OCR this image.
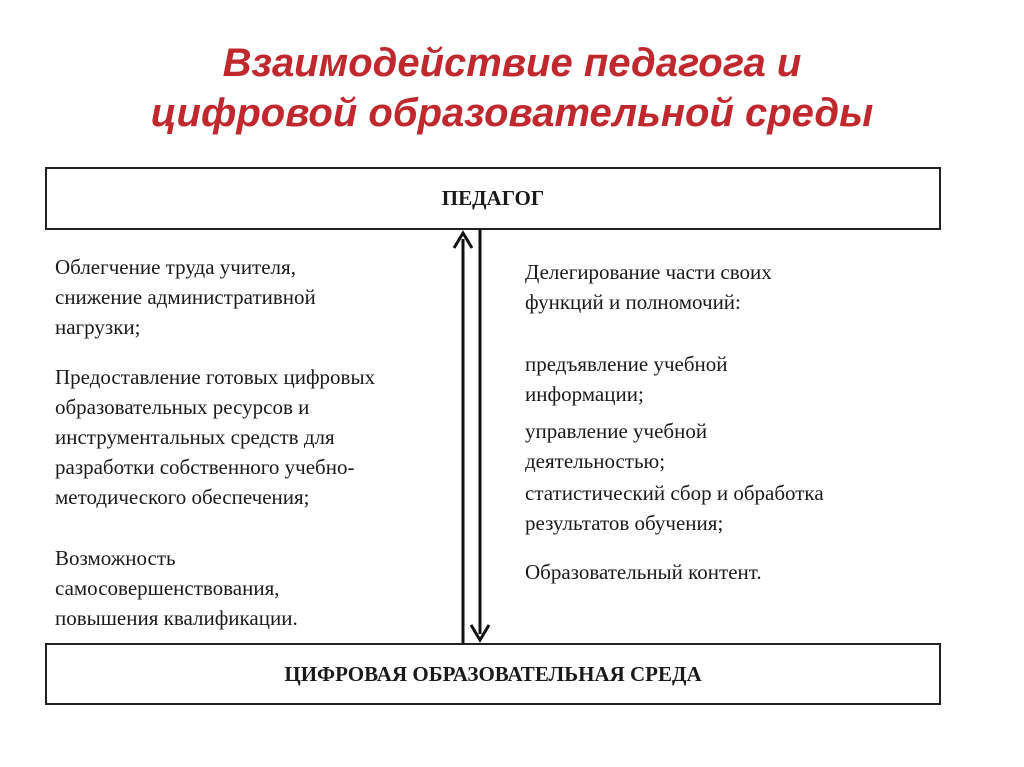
Взаимодействие педагога и
цифровой образовательной среды
ПЕДАГОГ

Облегчение труда учителя,
снижение административной
нагрузки;

Предоставление готовых цифровых
образовательных ресурсов и
инструментальных средств для
разработки собственного учебно-
методического обеспечения;

Возможность
самосовершенствования,
повышения квалификации.

Делегирование части своих
функций и полномочий:

предъявление учебной
информации;

управление учебной
деятельностью;

статистический сбор и обработка
результатов обучения;

Образовательный контент.

ЦИФРОВАЯ ОБРАЗОВАТЕЛЬНАЯ СРЕДА
